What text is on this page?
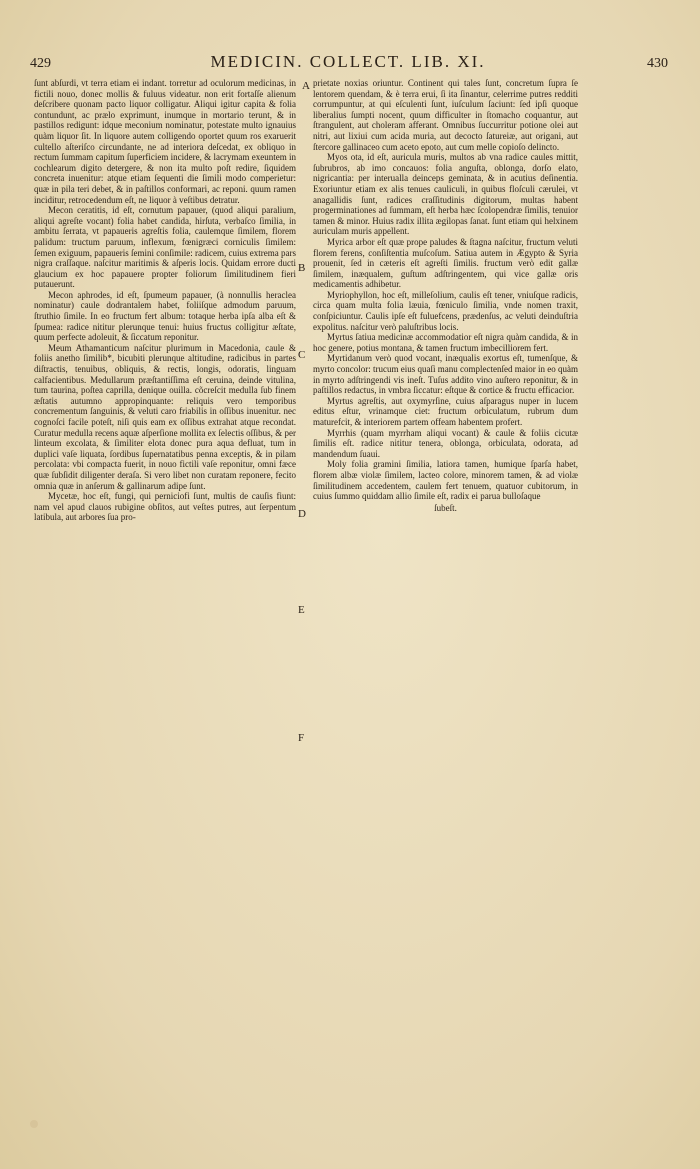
429	MEDICIN. COLLECT. LIB. XI.	430

ſunt abſurdi, vt terra etiam ei indant. torretur ad oculorum medicinas, in fictili nouo, donec mollis & fuluus videatur. non erit fortaſſe alienum deſcribere quonam pacto liquor colligatur. Aliqui igitur capita & folia contundunt, ac prælo exprimunt, inumque in mortario terunt, & in pastillos redigunt: idque meconium nominatur, potestate multo ignauius quàm liquor ſit. In liquore autem colligendo oportet quum ros exaruerit cultello aſteriſco circundante, ne ad interiora deſcedat, ex obliquo in rectum ſummam capitum ſuperficiem incidere, & lacrymam exeuntem in cochlearum digito detergere, & non ita multo poſt redire, ſiquidem concreta inuenitur: atque etiam ſequenti die ſimili modo comperietur: quæ in pila teri debet, & in paſtillos conformari, ac reponi. quum ramen inciditur, retrocedendum eſt, ne liquor à veſtibus detratur.

Mecon ceratitis, id eſt, cornutum papauer, (quod aliqui paralium, aliqui agreſte vocant) folia habet candida, hirſuta, verbaſco ſimilia, in ambitu ſerrata, vt papaueris agreſtis folia, caulemque ſimilem, florem palidum: tructum paruum, inflexum, fœnigræci corniculis ſimilem: ſemen exiguum, papaueris ſemini conſimile: radicem, cuius extrema pars nigra craſſaque. naſcitur maritimis & aſperis locis. Quidam errore ducti glaucium ex hoc papauere propter foliorum ſimilitudinem fieri putauerunt.

Mecon aphrodes, id eſt, ſpumeum papauer, (à nonnullis heraclea nominatur) caule dodrantalem habet, foliiſque admodum paruum, ſtruthio ſimile. In eo fructum fert album: totaque herba ipſa alba eſt & ſpumea: radice nititur plerunque tenui: huius fructus colligitur æſtate, quum perfecte adoleuit, & ſiccatum reponitur.

Meum Athamanticum naſcitur plurimum in Macedonia, caule & foliis anetho ſimilib*, bicubiti plerunque altitudine, radicibus in partes diſtractis, tenuibus, obliquis, & rectis, longis, odoratis, linguam calfacientibus. Medullarum præſtantiſſima eſt ceruina, deinde vitulina, tum taurina, poſtea caprilla, denique ouilla. cõcreſcit medulla ſub finem æſtatis autumno appropinquante: reliquis vero temporibus concrementum ſanguinis, & veluti caro friabilis in oſſibus inuenitur. nec cognoſci facile poteſt, niſi quis eam ex oſſibus extrahat atque recondat. Curatur medulla recens aquæ aſperſione mollita ex ſelectis oſſibus, & per linteum excolata, & ſimiliter elota donec pura aqua defluat, tum in duplici vaſe liquata, ſordibus ſupernatatibus penna exceptis, & in pilam percolata: vbi compacta fuerit, in nouo fictili vaſe reponitur, omni fæce quæ ſubſidit diligenter deraſa. Si vero libet non curatam reponere, fecito omnia quæ in anſerum & gallinarum adipe ſunt.

Mycetæ, hoc eſt, fungi, qui perniciofi ſunt, multis de cauſis fiunt: nam vel apud clauos rubigine obſitos, aut veſtes putres, aut ſerpentum latibula, aut arbores ſua pro-

prietate noxias oriuntur. Continent qui tales ſunt, concretum ſupra ſe lentorem quendam, & è terra erui, ſi ita ſinantur, celerrime putres redditi corrumpuntur, at qui eſculenti ſunt, iuſculum ſaciunt: ſed ipſi quoque liberalius ſumpti nocent, quum difficulter in ſtomacho coquantur, aut ſtrangulent, aut choleram afferant. Omnibus ſuccurritur potione olei aut nitri, aut lixiui cum acida muria, aut decocto ſatureiæ, aut origani, aut ſtercore gallinaceo cum aceto epoto, aut cum melle copioſo delincto.

Myos ota, id eſt, auricula muris, multos ab vna radice caules mittit, ſubrubros, ab imo concauos: folia anguſta, oblonga, dorſo elato, nigricantia: per interualla deinceps geminata, & in acutius deſinentia. Exoriuntur etiam ex alis tenues cauliculi, in quibus floſculi cærulei, vt anagallidis ſunt, radices craſſitudinis digitorum, multas habent progerminationes ad ſummam, eſt herba hæc ſcolopendræ ſimilis, tenuior tamen & minor. Huius radix illita ægilopas ſanat. ſunt etiam qui helxinem auriculam muris appellent.

Myrica arbor eſt quæ prope paludes & ſtagna naſcitur, fructum veluti florem ferens, conſiſtentia muſcoſum. Satiua autem in Ægypto & Syria prouenit, ſed in cæteris eſt agreſti ſimilis. fructum verò edit gallæ ſimilem, inæqualem, guſtum adſtringentem, qui vice gallæ oris medicamentis adhibetur.

Myriophyllon, hoc eſt, milleſolium, caulis eſt tener, vniuſque radicis, circa quam multa folia læuia, fœniculo ſimilia, vnde nomen traxit, conſpiciuntur. Caulis ipſe eſt fuluefcens, prædenſus, ac veluti deinduſtria expolitus. naſcitur verò paluſtribus locis.

Myrtus ſatiua medicinæ accommodatior eſt nigra quàm candida, & in hoc genere, potius montana, & tamen fructum imbecilliorem fert.

Myrtidanum verò quod vocant, inæqualis exortus eſt, tumenſque, & myrto concolor: trucum eius quaſi manu complectenſed maior in eo quàm in myrto adſtringendi vis ineſt. Tuſus addito vino auſtero reponitur, & in paſtillos redactus, in vmbra ſiccatur: eſtque & cortice & fructu efficacior.

Myrtus agreſtis, aut oxymyrſine, cuius aſparagus nuper in lucem editus eſtur, vrinamque ciet: fructum orbiculatum, rubrum dum maturefcit, & interiorem partem offeam habentem profert.

Myrrhis (quam myrrham aliqui vocant) & caule & foliis cicutæ ſimilis eſt. radice nititur tenera, oblonga, orbiculata, odorata, ad mandendum ſuaui.

Moly folia gramini ſimilia, latiora tamen, humique ſparſa habet, florem albæ violæ ſimilem, lacteo colore, minorem tamen, & ad violæ ſimilitudinem accedentem, caulem fert tenuem, quatuor cubitorum, in cuius ſummo quiddam allio ſimile eſt, radix ei parua bulloſaque

ſubeſt.

A
B
C
D
E
F
